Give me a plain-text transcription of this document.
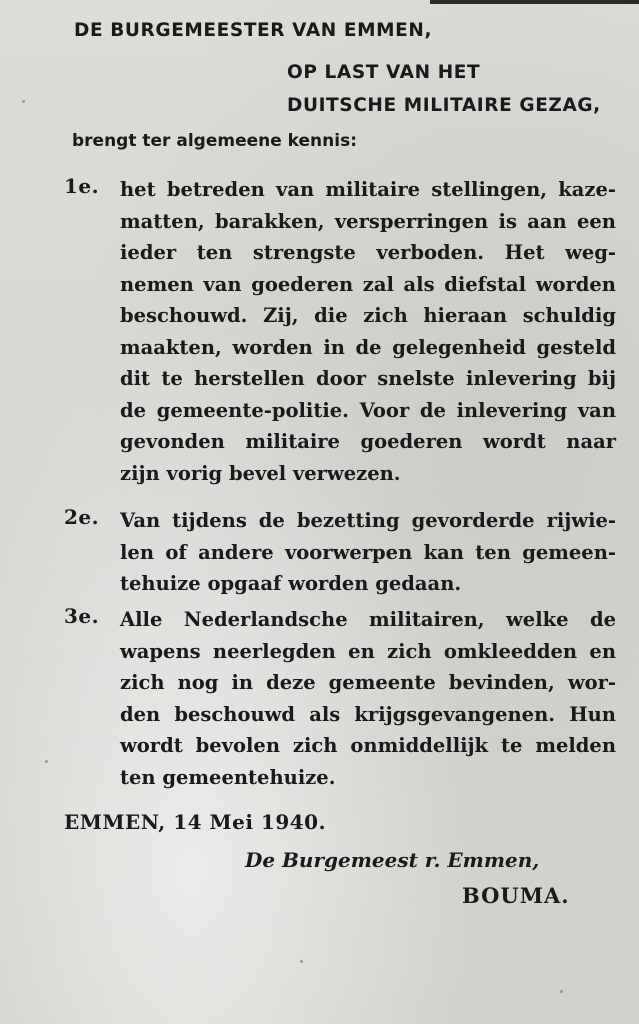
DE BURGEMEESTER VAN EMMEN,
OP LAST VAN HET
DUITSCHE MILITAIRE GEZAG,
brengt ter algemeene kennis:
1e. het betreden van militaire stellingen, kaze-
matten, barakken, versperringen is aan een
ieder ten strengste verboden. Het weg-
nemen van goederen zal als diefstal worden
beschouwd. Zij, die zich hieraan schuldig
maakten, worden in de gelegenheid gesteld
dit te herstellen door snelste inlevering bij
de gemeente-politie. Voor de inlevering van
gevonden militaire goederen wordt naar
zijn vorig bevel verwezen.
2e. Van tijdens de bezetting gevorderde rijwie-
len of andere voorwerpen kan ten gemeen-
tehuize opgaaf worden gedaan.
3e. Alle Nederlandsche militairen, welke de
wapens neerlegden en zich omkleedden en
zich nog in deze gemeente bevinden, wor-
den beschouwd als krijgsgevangenen. Hun
wordt bevolen zich onmiddellijk te melden
ten gemeentehuize.
EMMEN, 14 Mei 1940.
De Burgemeest r. Emmen,
BOUMA.
